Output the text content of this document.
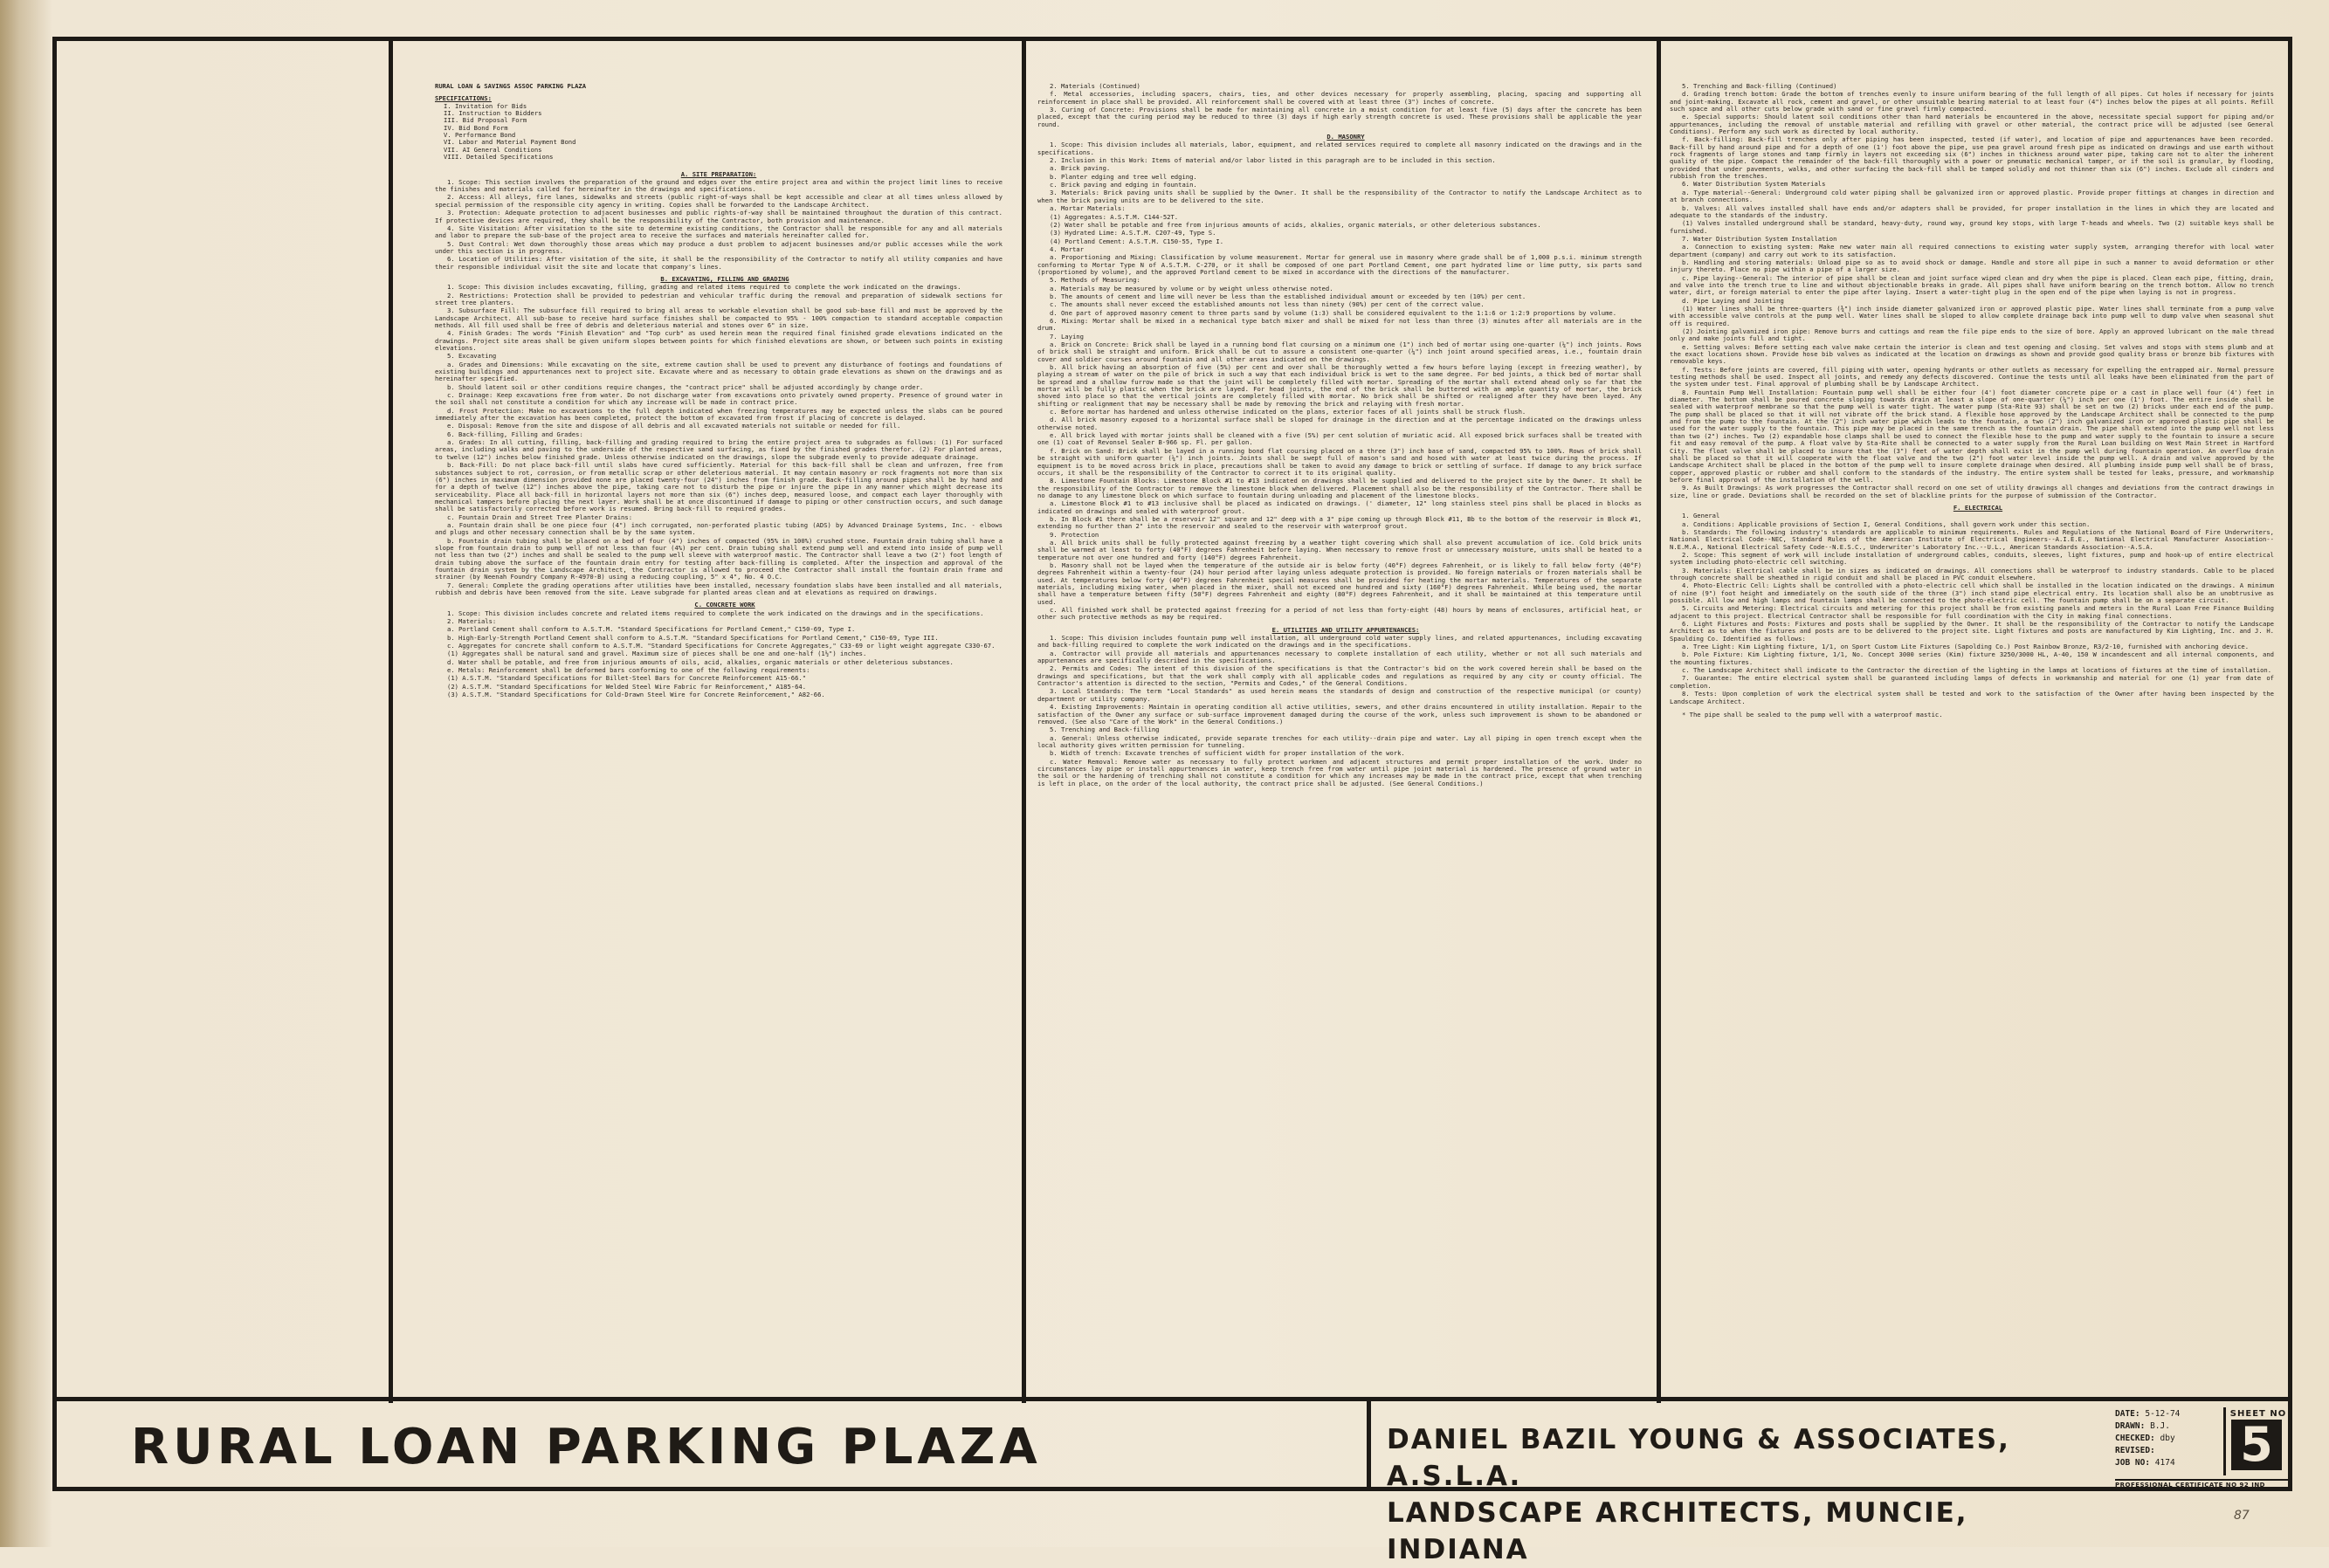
RURAL LOAN & SAVINGS ASSOC PARKING PLAZA
SPECIFICATIONS:
I. Invitation for Bids
II. Instruction to Bidders
III. Bid Proposal Form
IV. Bid Bond Form
V. Performance Bond
VI. Labor and Material Payment Bond
VII. AI General Conditions
VIII. Detailed Specifications
A. SITE PREPARATION:

1. Scope: This section involves the preparation of the ground and edges over the entire project area and within the project limit lines to receive the finishes and materials called for hereinafter in the drawings and specifications.

2. Access: All alleys, fire lanes, sidewalks and streets (public right-of-ways shall be kept accessible and clear at all times unless allowed by special permission of the responsible city agency in writing. Copies shall be forwarded to the Landscape Architect.

3. Protection: Adequate protection to adjacent businesses and public rights-of-way shall be maintained throughout the duration of this contract. If protective devices are required, they shall be the responsibility of the Contractor, both provision and maintenance.

4. Site Visitation: After visitation to the site to determine existing conditions, the Contractor shall be responsible for any and all materials and labor to prepare the sub-base of the project area to receive the surfaces and materials hereinafter called for.

5. Dust Control: Wet down thoroughly those areas which may produce a dust problem to adjacent businesses and/or public accesses while the work under this section is in progress.

6. Location of Utilities: After visitation of the site, it shall be the responsibility of the Contractor to notify all utility companies and have their responsible individual visit the site and locate that company's lines.

B. EXCAVATING, FILLING AND GRADING

1. Scope: This division includes excavating, filling, grading and related items required to complete the work indicated on the drawings.

2. Restrictions: Protection shall be provided to pedestrian and vehicular traffic during the removal and preparation of sidewalk sections for street tree planters.

3. Subsurface Fill: The subsurface fill required to bring all areas to workable elevation shall be good sub-base fill and must be approved by the Landscape Architect. All sub-base to receive hard surface finishes shall be compacted to 95% - 100% compaction to standard acceptable compaction methods. All fill used shall be free of debris and deleterious material and stones over 6" in size.

4. Finish Grades: The words "Finish Elevation" and "Top curb" as used herein mean the required final finished grade elevations indicated on the drawings. Project site areas shall be given uniform slopes between points for which finished elevations are shown, or between such points in existing elevations.

5. Excavating

a. Grades and Dimensions: While excavating on the site, extreme caution shall be used to prevent any disturbance of footings and foundations of existing buildings and appurtenances next to project site. Excavate where and as necessary to obtain grade elevations as shown on the drawings and as hereinafter specified.

b. Should latent soil or other conditions require changes, the "contract price" shall be adjusted accordingly by change order.

c. Drainage: Keep excavations free from water. Do not discharge water from excavations onto privately owned property. Presence of ground water in the soil shall not constitute a condition for which any increase will be made in contract price.

d. Frost Protection: Make no excavations to the full depth indicated when freezing temperatures may be expected unless the slabs can be poured immediately after the excavation has been completed, protect the bottom of excavated from frost if placing of concrete is delayed.

e. Disposal: Remove from the site and dispose of all debris and all excavated materials not suitable or needed for fill.

6. Back-filling, Filling and Grades:

a. Grades: In all cutting, filling, back-filling and grading required to bring the entire project area to subgrades as follows: (1) For surfaced areas, including walks and paving to the underside of the respective sand surfacing, as fixed by the finished grades therefor. (2) For planted areas, to twelve (12") inches below finished grade. Unless otherwise indicated on the drawings, slope the subgrade evenly to provide adequate drainage.

b. Back-Fill: Do not place back-fill until slabs have cured sufficiently. Material for this back-fill shall be clean and unfrozen, free from substances subject to rot, corrosion, or from metallic scrap or other deleterious material. It may contain masonry or rock fragments not more than six (6") inches in maximum dimension provided none are placed twenty-four (24") inches from finish grade. Back-filling around pipes shall be by hand and for a depth of twelve (12") inches above the pipe, taking care not to disturb the pipe or injure the pipe in any manner which might decrease its serviceability. Place all back-fill in horizontal layers not more than six (6") inches deep, measured loose, and compact each layer thoroughly with mechanical tampers before placing the next layer. Work shall be at once discontinued if damage to piping or other construction occurs, and such damage shall be satisfactorily corrected before work is resumed. Bring back-fill to required grades.

c. Fountain Drain and Street Tree Planter Drains:

a. Fountain drain shall be one piece four (4") inch corrugated, non-perforated plastic tubing (ADS) by Advanced Drainage Systems, Inc. - elbows and plugs and other necessary connection shall be by the same system.

b. Fountain drain tubing shall be placed on a bed of four (4") inches of compacted (95% in 100%) crushed stone. Fountain drain tubing shall have a slope from fountain drain to pump well of not less than four (4%) per cent. Drain tubing shall extend pump well and extend into inside of pump well not less than two (2") inches and shall be sealed to the pump well sleeve with waterproof mastic. The Contractor shall leave a two (2') foot length of drain tubing above the surface of the fountain drain entry for testing after back-filling is completed. After the inspection and approval of the fountain drain system by the Landscape Architect, the Contractor is allowed to proceed the Contractor shall install the fountain drain frame and strainer (by Neenah Foundry Company R-4970-B) using a reducing coupling, 5" x 4", No. 4 O.C.

7. General: Complete the grading operations after utilities have been installed, necessary foundation slabs have been installed and all materials, rubbish and debris have been removed from the site. Leave subgrade for planted areas clean and at elevations as required on drawings.

C. CONCRETE WORK

1. Scope: This division includes concrete and related items required to complete the work indicated on the drawings and in the specifications.

2. Materials:

a. Portland Cement shall conform to A.S.T.M. "Standard Specifications for Portland Cement," C150-69, Type I.

b. High-Early-Strength Portland Cement shall conform to A.S.T.M. "Standard Specifications for Portland Cement," C150-69, Type III.

c. Aggregates for concrete shall conform to A.S.T.M. "Standard Specifications for Concrete Aggregates," C33-69 or light weight aggregate C330-67.

(1) Aggregates shall be natural sand and gravel. Maximum size of pieces shall be one and one-half (1½") inches.

d. Water shall be potable, and free from injurious amounts of oils, acid, alkalies, organic materials or other deleterious substances.

e. Metals: Reinforcement shall be deformed bars conforming to one of the following requirements:

(1) A.S.T.M. "Standard Specifications for Billet-Steel Bars for Concrete Reinforcement A15-66."

(2) A.S.T.M. "Standard Specifications for Welded Steel Wire Fabric for Reinforcement," A185-64.

(3) A.S.T.M. "Standard Specifications for Cold-Drawn Steel Wire for Concrete Reinforcement," A82-66.

2. Materials (Continued)

f. Metal accessories, including spacers, chairs, ties, and other devices necessary for properly assembling, placing, spacing and supporting all reinforcement in place shall be provided. All reinforcement shall be covered with at least three (3") inches of concrete.

3. Curing of Concrete: Provisions shall be made for maintaining all concrete in a moist condition for at least five (5) days after the concrete has been placed, except that the curing period may be reduced to three (3) days if high early strength concrete is used. These provisions shall be applicable the year round.

D. MASONRY

1. Scope: This division includes all materials, labor, equipment, and related services required to complete all masonry indicated on the drawings and in the specifications.

2. Inclusion in this Work: Items of material and/or labor listed in this paragraph are to be included in this section.

a. Brick paving.

b. Planter edging and tree well edging.

c. Brick paving and edging in fountain.

3. Materials: Brick paving units shall be supplied by the Owner. It shall be the responsibility of the Contractor to notify the Landscape Architect as to when the brick paving units are to be delivered to the site.

a. Mortar Materials:

(1) Aggregates: A.S.T.M. C144-52T.

(2) Water shall be potable and free from injurious amounts of acids, alkalies, organic materials, or other deleterious substances.

(3) Hydrated Lime: A.S.T.M. C207-49, Type S.

(4) Portland Cement: A.S.T.M. C150-55, Type I.

4. Mortar

a. Proportioning and Mixing: Classification by volume measurement. Mortar for general use in masonry where grade shall be of 1,000 p.s.i. minimum strength conforming to Mortar Type N of A.S.T.M. C-270, or it shall be composed of one part Portland Cement, one part hydrated lime or lime putty, six parts sand (proportioned by volume), and the approved Portland cement to be mixed in accordance with the directions of the manufacturer.

5. Methods of Measuring:

a. Materials may be measured by volume or by weight unless otherwise noted.

b. The amounts of cement and lime will never be less than the established individual amount or exceeded by ten (10%) per cent.

c. The amounts shall never exceed the established amounts not less than ninety (90%) per cent of the correct value.

d. One part of approved masonry cement to three parts sand by volume (1:3) shall be considered equivalent to the 1:1:6 or 1:2:9 proportions by volume.

6. Mixing: Mortar shall be mixed in a mechanical type batch mixer and shall be mixed for not less than three (3) minutes after all materials are in the drum.

7. Laying

a. Brick on Concrete: Brick shall be layed in a running bond flat coursing on a minimum one (1") inch bed of mortar using one-quarter (¼") inch joints. Rows of brick shall be straight and uniform. Brick shall be cut to assure a consistent one-quarter (¼") inch joint around specified areas, i.e., fountain drain cover and soldier courses around fountain and all other areas indicated on the drawings.

b. All brick having an absorption of five (5%) per cent and over shall be thoroughly wetted a few hours before laying (except in freezing weather), by playing a stream of water on the pile of brick in such a way that each individual brick is wet to the same degree. For bed joints, a thick bed of mortar shall be spread and a shallow furrow made so that the joint will be completely filled with mortar. Spreading of the mortar shall extend ahead only so far that the mortar will be fully plastic when the brick are layed. For head joints, the end of the brick shall be buttered with an ample quantity of mortar, the brick shoved into place so that the vertical joints are completely filled with mortar. No brick shall be shifted or realigned after they have been layed. Any shifting or realignment that may be necessary shall be made by removing the brick and relaying with fresh mortar.

c. Before mortar has hardened and unless otherwise indicated on the plans, exterior faces of all joints shall be struck flush.

d. All brick masonry exposed to a horizontal surface shall be sloped for drainage in the direction and at the percentage indicated on the drawings unless otherwise noted.

e. All brick layed with mortar joints shall be cleaned with a five (5%) per cent solution of muriatic acid. All exposed brick surfaces shall be treated with one (1) coat of Revonsel Sealer B-966 sp. Fl. per gallon.

f. Brick on Sand: Brick shall be layed in a running bond flat coursing placed on a three (3") inch base of sand, compacted 95% to 100%. Rows of brick shall be straight with uniform quarter (¼") inch joints. Joints shall be swept full of mason's sand and hosed with water at least twice during the process. If equipment is to be moved across brick in place, precautions shall be taken to avoid any damage to brick or settling of surface. If damage to any brick surface occurs, it shall be the responsibility of the Contractor to correct it to its original quality.

8. Limestone Fountain Blocks: Limestone Block #1 to #13 indicated on drawings shall be supplied and delivered to the project site by the Owner. It shall be the responsibility of the Contractor to remove the limestone block when delivered. Placement shall also be the responsibility of the Contractor. There shall be no damage to any limestone block on which surface to fountain during unloading and placement of the limestone blocks.

a. Limestone Block #1 to #13 inclusive shall be placed as indicated on drawings. (' diameter, 12" long stainless steel pins shall be placed in blocks as indicated on drawings and sealed with waterproof grout.

b. In Block #1 there shall be a reservoir 12" square and 12" deep with a 3" pipe coming up through Block #11, Bb to the bottom of the reservoir in Block #1, extending no further than 2" into the reservoir and sealed to the reservoir with waterproof grout.

9. Protection

a. All brick units shall be fully protected against freezing by a weather tight covering which shall also prevent accumulation of ice. Cold brick units shall be warmed at least to forty (40°F) degrees Fahrenheit before laying. When necessary to remove frost or unnecessary moisture, units shall be heated to a temperature not over one hundred and forty (140°F) degrees Fahrenheit.

b. Masonry shall not be layed when the temperature of the outside air is below forty (40°F) degrees Fahrenheit, or is likely to fall below forty (40°F) degrees Fahrenheit within a twenty-four (24) hour period after laying unless adequate protection is provided. No foreign materials or frozen materials shall be used. At temperatures below forty (40°F) degrees Fahrenheit special measures shall be provided for heating the mortar materials. Temperatures of the separate materials, including mixing water, when placed in the mixer, shall not exceed one hundred and sixty (160°F) degrees Fahrenheit. While being used, the mortar shall have a temperature between fifty (50°F) degrees Fahrenheit and eighty (80°F) degrees Fahrenheit, and it shall be maintained at this temperature until used.

c. All finished work shall be protected against freezing for a period of not less than forty-eight (48) hours by means of enclosures, artificial heat, or other such protective methods as may be required.

E. UTILITIES AND UTILITY APPURTENANCES:

1. Scope: This division includes fountain pump well installation, all underground cold water supply lines, and related appurtenances, including excavating and back-filling required to complete the work indicated on the drawings and in the specifications.

a. Contractor will provide all materials and appurtenances necessary to complete installation of each utility, whether or not all such materials and appurtenances are specifically described in the specifications.

2. Permits and Codes: The intent of this division of the specifications is that the Contractor's bid on the work covered herein shall be based on the drawings and specifications, but that the work shall comply with all applicable codes and regulations as required by any city or county official. The Contractor's attention is directed to the section, "Permits and Codes," of the General Conditions.

3. Local Standards: The term "Local Standards" as used herein means the standards of design and construction of the respective municipal (or county) department or utility company.

4. Existing Improvements: Maintain in operating condition all active utilities, sewers, and other drains encountered in utility installation. Repair to the satisfaction of the Owner any surface or sub-surface improvement damaged during the course of the work, unless such improvement is shown to be abandoned or removed. (See also "Care of the Work" in the General Conditions.)

5. Trenching and Back-filling

a. General: Unless otherwise indicated, provide separate trenches for each utility--drain pipe and water. Lay all piping in open trench except when the local authority gives written permission for tunneling.

b. Width of trench: Excavate trenches of sufficient width for proper installation of the work.

c. Water Removal: Remove water as necessary to fully protect workmen and adjacent structures and permit proper installation of the work. Under no circumstances lay pipe or install appurtenances in water, keep trench free from water until pipe joint material is hardened. The presence of ground water in the soil or the hardening of trenching shall not constitute a condition for which any increases may be made in the contract price, except that when trenching is left in place, on the order of the local authority, the contract price shall be adjusted. (See General Conditions.)

5. Trenching and Back-filling (Continued)

d. Grading trench bottom: Grade the bottom of trenches evenly to insure uniform bearing of the full length of all pipes. Cut holes if necessary for joints and joint-making. Excavate all rock, cement and gravel, or other unsuitable bearing material to at least four (4") inches below the pipes at all points. Refill such space and all other cuts below grade with sand or fine gravel firmly compacted.

e. Special supports: Should latent soil conditions other than hard materials be encountered in the above, necessitate special support for piping and/or appurtenances, including the removal of unstable material and refilling with gravel or other material, the contract price will be adjusted (see General Conditions). Perform any such work as directed by local authority.

f. Back-filling: Back-fill trenches only after piping has been inspected, tested (if water), and location of pipe and appurtenances have been recorded. Back-fill by hand around pipe and for a depth of one (1') foot above the pipe, use pea gravel around fresh pipe as indicated on drawings and use earth without rock fragments of large stones and tamp firmly in layers not exceeding six (6") inches in thickness around water pipe, taking care not to alter the inherent quality of the pipe. Compact the remainder of the back-fill thoroughly with a power or pneumatic mechanical tamper, or if the soil is granular, by flooding, provided that under pavements, walks, and other surfacing the back-fill shall be tamped solidly and not thinner than six (6") inches. Exclude all cinders and rubbish from the trenches.

6. Water Distribution System Materials

a. Type material--General: Underground cold water piping shall be galvanized iron or approved plastic. Provide proper fittings at changes in direction and at branch connections.

b. Valves: All valves installed shall have ends and/or adapters shall be provided, for proper installation in the lines in which they are located and adequate to the standards of the industry.

(1) Valves installed underground shall be standard, heavy-duty, round way, ground key stops, with large T-heads and wheels. Two (2) suitable keys shall be furnished.

7. Water Distribution System Installation

a. Connection to existing system: Make new water main all required connections to existing water supply system, arranging therefor with local water department (company) and carry out work to its satisfaction.

b. Handling and storing materials: Unload pipe so as to avoid shock or damage. Handle and store all pipe in such a manner to avoid deformation or other injury thereto. Place no pipe within a pipe of a larger size.

c. Pipe laying--General: The interior of pipe shall be clean and joint surface wiped clean and dry when the pipe is placed. Clean each pipe, fitting, drain, and valve into the trench true to line and without objectionable breaks in grade. All pipes shall have uniform bearing on the trench bottom. Allow no trench water, dirt, or foreign material to enter the pipe after laying. Insert a water-tight plug in the open end of the pipe when laying is not in progress.

d. Pipe Laying and Jointing

(1) Water lines shall be three-quarters (¾") inch inside diameter galvanized iron or approved plastic pipe. Water lines shall terminate from a pump valve with accessible valve controls at the pump well. Water lines shall be sloped to allow complete drainage back into pump well to dump valve when seasonal shut off is required.

(2) Jointing galvanized iron pipe: Remove burrs and cuttings and ream the file pipe ends to the size of bore. Apply an approved lubricant on the male thread only and make joints full and tight.

e. Setting valves: Before setting each valve make certain the interior is clean and test opening and closing. Set valves and stops with stems plumb and at the exact locations shown. Provide hose bib valves as indicated at the location on drawings as shown and provide good quality brass or bronze bib fixtures with removable keys.

f. Tests: Before joints are covered, fill piping with water, opening hydrants or other outlets as necessary for expelling the entrapped air. Normal pressure testing methods shall be used. Inspect all joints, and remedy any defects discovered. Continue the tests until all leaks have been eliminated from the part of the system under test. Final approval of plumbing shall be by Landscape Architect.

8. Fountain Pump Well Installation: Fountain pump well shall be either four (4') foot diameter concrete pipe or a cast in place well four (4') feet in diameter. The bottom shall be poured concrete sloping towards drain at least a slope of one-quarter (¼") inch per one (1') foot. The entire inside shall be sealed with waterproof membrane so that the pump well is water tight. The water pump (Sta-Rite 93) shall be set on two (2) bricks under each end of the pump. The pump shall be placed so that it will not vibrate off the brick stand. A flexible hose approved by the Landscape Architect shall be connected to the pump and from the pump to the fountain. At the (2") inch water pipe which leads to the fountain, a two (2") inch galvanized iron or approved plastic pipe shall be used for the water supply to the fountain. This pipe may be placed in the same trench as the fountain drain. The pipe shall extend into the pump well not less than two (2") inches. Two (2) expandable hose clamps shall be used to connect the flexible hose to the pump and water supply to the fountain to insure a secure fit and easy removal of the pump. A float valve by Sta-Rite shall be connected to a water supply from the Rural Loan building on West Main Street in Hartford City. The float valve shall be placed to insure that the (3") feet of water depth shall exist in the pump well during fountain operation. An overflow drain shall be placed so that it will cooperate with the float valve and the two (2") foot water level inside the pump well. A drain and valve approved by the Landscape Architect shall be placed in the bottom of the pump well to insure complete drainage when desired. All plumbing inside pump well shall be of brass, copper, approved plastic or rubber and shall conform to the standards of the industry. The entire system shall be tested for leaks, pressure, and workmanship before final approval of the installation of the well.

9. As Built Drawings: As work progresses the Contractor shall record on one set of utility drawings all changes and deviations from the contract drawings in size, line or grade. Deviations shall be recorded on the set of blackline prints for the purpose of submission of the Contractor.

F. ELECTRICAL

1. General

a. Conditions: Applicable provisions of Section I, General Conditions, shall govern work under this section.

b. Standards: The following industry's standards are applicable to minimum requirements. Rules and Regulations of the National Board of Fire Underwriters, National Electrical Code--NEC, Standard Rules of the American Institute of Electrical Engineers--A.I.E.E., National Electrical Manufacturer Association--N.E.M.A., National Electrical Safety Code--N.E.S.C., Underwriter's Laboratory Inc.--U.L., American Standards Association--A.S.A.

2. Scope: This segment of work will include installation of underground cables, conduits, sleeves, light fixtures, pump and hook-up of entire electrical system including photo-electric cell switching.

3. Materials: Electrical cable shall be in sizes as indicated on drawings. All connections shall be waterproof to industry standards. Cable to be placed through concrete shall be sheathed in rigid conduit and shall be placed in PVC conduit elsewhere.

4. Photo-Electric Cell: Lights shall be controlled with a photo-electric cell which shall be installed in the location indicated on the drawings. A minimum of nine (9") foot height and immediately on the south side of the three (3") inch stand pipe electrical entry. Its location shall also be an unobtrusive as possible. All low and high lamps and fountain lamps shall be connected to the photo-electric cell. The fountain pump shall be on a separate circuit.

5. Circuits and Metering: Electrical circuits and metering for this project shall be from existing panels and meters in the Rural Loan Free Finance Building adjacent to this project. Electrical Contractor shall be responsible for full coordination with the City in making final connections.

6. Light Fixtures and Posts: Fixtures and posts shall be supplied by the Owner. It shall be the responsibility of the Contractor to notify the Landscape Architect as to when the fixtures and posts are to be delivered to the project site. Light fixtures and posts are manufactured by Kim Lighting, Inc. and J. H. Spaulding Co. Identified as follows:

a. Tree Light: Kim Lighting fixture, 1/1, on Sport Custom Lite Fixtures (Sapolding Co.) Post Rainbow Bronze, R3/2-10, furnished with anchoring device.

b. Pole Fixture: Kim Lighting fixture, 1/1, No. Concept 3000 series (Kim) fixture 3250/3000 HL, A-40, 150 W incandescent and all internal components, and the mounting fixtures.

c. The Landscape Architect shall indicate to the Contractor the direction of the lighting in the lamps at locations of fixtures at the time of installation.

7. Guarantee: The entire electrical system shall be guaranteed including lamps of defects in workmanship and material for one (1) year from date of completion.

8. Tests: Upon completion of work the electrical system shall be tested and work to the satisfaction of the Owner after having been inspected by the Landscape Architect.

* The pipe shall be sealed to the pump well with a waterproof mastic.

RURAL LOAN PARKING PLAZA	DANIEL BAZIL YOUNG & ASSOCIATES, A.S.L.A.
LANDSCAPE ARCHITECTS, MUNCIE, INDIANA
DATE: 5-12-74
DRAWN: B.J.
CHECKED: dby
REVISED:
JOB NO: 4174
SHEET NO
5
PROFESSIONAL CERTIFICATE NO 92 IND
87
